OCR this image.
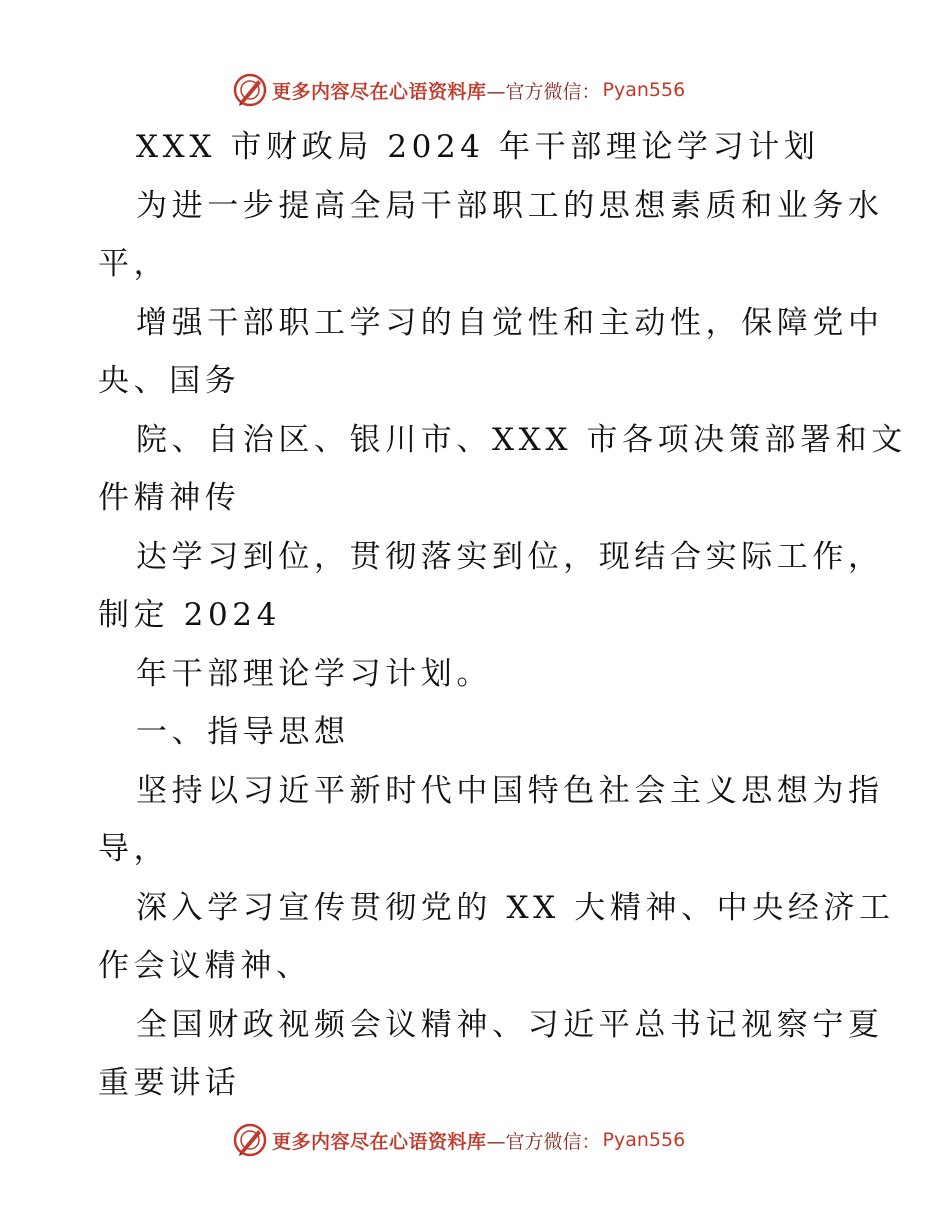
更多内容尽在心语资料库 —官方微信： Pyan556
XXX 市财政局 2024 年干部理论学习计划
为进一步提高全局干部职工的思想素质和业务水
平，
增强干部职工学习的自觉性和主动性，保障党中
央、国务
院、自治区、银川市、XXX 市各项决策部署和文
件精神传
达学习到位，贯彻落实到位，现结合实际工作，
制定 2024
年干部理论学习计划。
一、指导思想
坚持以习近平新时代中国特色社会主义思想为指
导，
深入学习宣传贯彻党的 XX 大精神、中央经济工
作会议精神、
全国财政视频会议精神、习近平总书记视察宁夏
重要讲话
更多内容尽在心语资料库 —官方微信： Pyan556
